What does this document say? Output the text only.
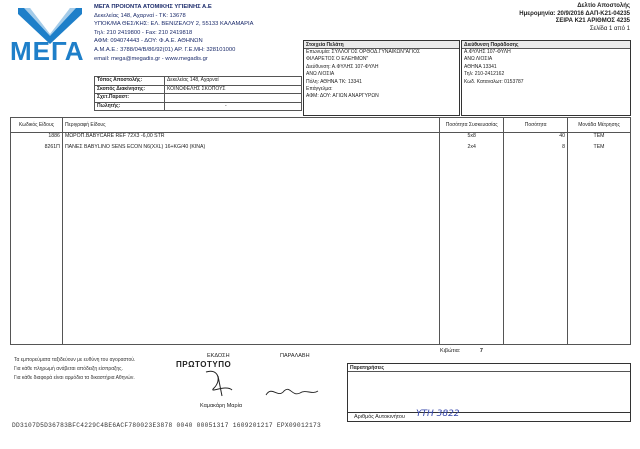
ΜΕΓΑ
ΜΕΓΑ ΠΡΟΙΟΝΤΑ ΑΤΟΜΙΚΗΣ ΥΓΙΕΙΝΗΣ Α.Ε
Δεκελείας 148, Αχαρναί - ΤΚ: 13678
ΥΠΟΚ/ΜΑ ΘΕΣ/ΚΗΣ: ΕΛ. ΒΕΝΙΖΕΛΟΥ 2, 55133 ΚΑΛΑΜΑΡΙΑ
Τηλ: 210 2419800 - Fax: 210 2419818
ΑΦΜ: 094074443 - ΔΟΥ: Φ.Α.Ε. ΑΘΗΝΩΝ
Α.Μ.Α.Ε.: 3788/04/Β/86/92(01) ΑΡ. Γ.Ε.ΜΗ: 328101000
email: mega@megadis.gr - www.megadis.gr
Δελτίο Αποστολής
Ημερομηνία: 20/9/2016 ΔΑΠ-Κ21-04235
ΣΕΙΡΑ Κ21 ΑΡΙΘΜΟΣ 4235
Σελίδα 1 από 1
Τόπος Αποστολής:	Δεκελείας 148, Αχαρναί
Σκοπός Διακίνησης:	ΚΟΙΝΩΦΕΛΗΣ ΣΚΟΠΟΥΣ
Σχετ.Παραστ:	
Πωλητής:	-
Στοιχεία Πελάτη
Επωνυμία: ΣΥΛΛΟΓΟΣ ΟΡΘΟΔ.ΓΥΝΑΙΚΩΝ"ΑΓΙΟΣ
ΦΙΛΑΡΕΤΟΣ Ο ΕΛΕΗΜΩΝ"
Διεύθυνση: Α.ΦΥΛΗΣ 107-ΦΥΛΗ
ΑΝΩ ΛΙΟΣΙΑ
Πόλη: ΑΘΗΝΑ ΤΚ: 13341
Επάγγελμα:
ΑΦΜ: ΔΟΥ: ΑΓΙΩΝ ΑΝΑΡΓΥΡΩΝ
Διεύθυνση Παράδοσης
Α.ΦΥΛΗΣ 107-ΦΥΛΗ
ΑΝΩ ΛΙΟΣΙΑ
ΑΘΗΝΑ 13341
Τηλ: 210-2412162
Κωδ. Καταναλωτ: 0153787
Κωδικός Είδους	Περιγραφή Είδους	Ποσότητα Συσκευασίας	Ποσότητα	Μονάδα Μέτρησης
1886	ΜΩΡΟΠ.BABYCARE REF 72X3 -6,00 STR	5x8	40	TEM
8261Π	ΠΑΝΕΣ BABYLINO SENS ECON N6(XXL) 16+KG/40 (KINA)	2x4	8	TEM

Κιβώτια:	7
Τα εμπορεύματα ταξιδεύουν με ευθύνη του αγοραστού.
Για κάθε πληρωμή ανάβεται απόδειξη είσπραξης.
Για κάθε διαφορά είναι αρμόδια τα δικαστήρια Αθηνών.
ΕΚΔΟΣΗ	ΠΑΡΑΛΑΒΗ
ΠΡΩΤΟΤΥΠΟ
Καμακάρη Μαρία
Παρατηρήσεις
Αριθμός Αυτοκινήτου ΥΤΗ 3822
DD3107D5D36783BFC4229C4BE6ACF780023E3878 0040 00051317 1609201217 EPX09012173
